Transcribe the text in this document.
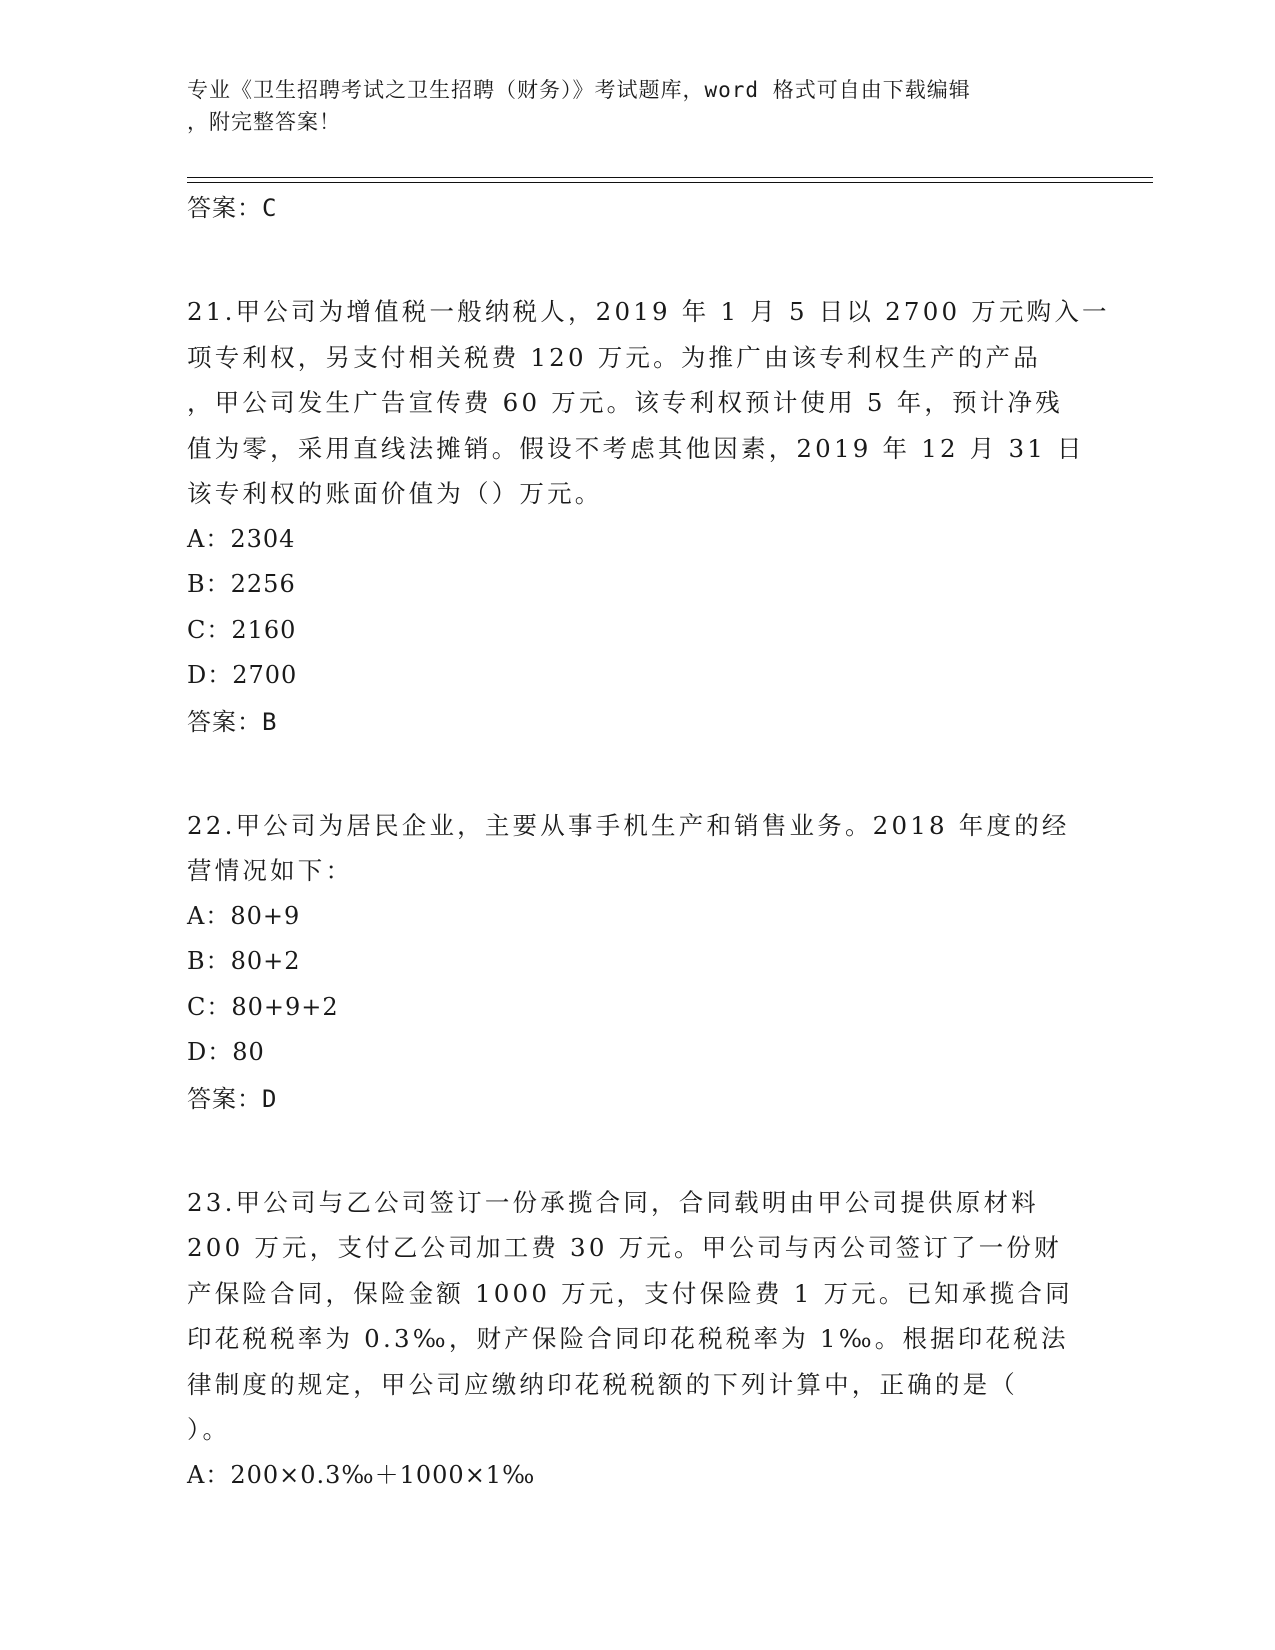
专业《卫生招聘考试之卫生招聘（财务）》考试题库，word 格式可自由下载编辑
，附完整答案！
答案：C
21.甲公司为增值税一般纳税人，2019 年 1 月 5 日以 2700 万元购入一
项专利权，另支付相关税费 120 万元。为推广由该专利权生产的产品
，甲公司发生广告宣传费 60 万元。该专利权预计使用 5 年，预计净残
值为零，采用直线法摊销。假设不考虑其他因素，2019 年 12 月 31 日
该专利权的账面价值为（）万元。
A：2304
B：2256
C：2160
D：2700
答案：B
22.甲公司为居民企业，主要从事手机生产和销售业务。2018 年度的经
营情况如下：
A：80+9
B：80+2
C：80+9+2
D：80
答案：D
23.甲公司与乙公司签订一份承揽合同，合同载明由甲公司提供原材料
200 万元，支付乙公司加工费 30 万元。甲公司与丙公司签订了一份财
产保险合同，保险金额 1000 万元，支付保险费 1 万元。已知承揽合同
印花税税率为 0.3‰，财产保险合同印花税税率为 1‰。根据印花税法
律制度的规定，甲公司应缴纳印花税税额的下列计算中，正确的是（
）。
A：200×0.3‰＋1000×1‰
